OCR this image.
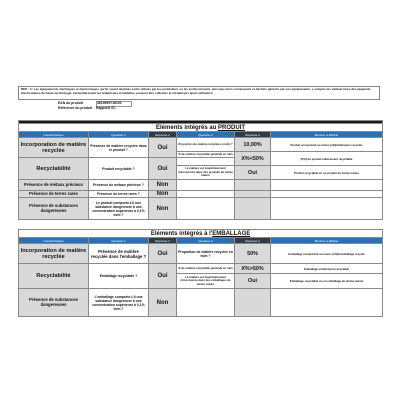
REP : 'L' Les équipements électriques et électroniques, qu'ils soient destinés à être utilisés par les particuliers ou les professionnels, ainsi que leurs composants et déchets générés par ces équipements, y compris les métaux rares des appareils électroniques de haute technologie, particulièrement les téléphones et tablettes, peuvent être collectés et réemployés après utilisation
EAN du produit	3615959716103
Référence du produit Rapporti VC

Eléments intégrés au PRODUIT					
Caractéristique	Question 1	Réponse 1	Question 2	Réponse 2	Mention à afficher
Incorporation de matière recyclée	Présence de matière recyclée dans le produit ?	Oui	Proportion de matière recyclée en m/m ?	10,00%	Produit comportant au moins [x%]d'éléments recyclés
			% de matière recyclable générale en m/m	X%<50%	[X%] du produit entièrement recyclable
Recyclabilité	Produit recyclable ?	Oui			
			La matière est majoritairement réincorporée dans des produits de même nature	Oui	Produit recyclable en un produit de même nature
Présence de métaux précieux	Présence de métaux précieux ?	Non			
Présence de terres rares	Présence de terres rares ?	Non			
Présence de substances dangereuses	Le produit comporte-t-il une substance dangereuse à une concentration supérieure à 0,1% m/m ?	Non			
Eléments intégrés à l'EMBALLAGE					
Caractéristique	Question 1	Réponse 1	Question 2	Réponse 2	Mention à afficher
Incorporation de matière recyclée	Présence de matière recyclée dans l'emballage ?	Oui	Proportion de matière recyclée en m/m ?	50%	Emballage comportant au moins [x%]d'emballage recyclé
Recyclabilité	Emballage recyclable ?	Oui	% de matière recyclable générale en m/m	X%>50%	Emballage entièrement recyclable
			La matière est majoritairement réincorporée dans des emballages de même nature	Oui	Emballage recyclable en un emballage de même nature
Présence de substances dangereuses	L'emballage comporte-t-il une substance dangereuse à une concentration supérieure à 0,1% m/m ?	Non			
